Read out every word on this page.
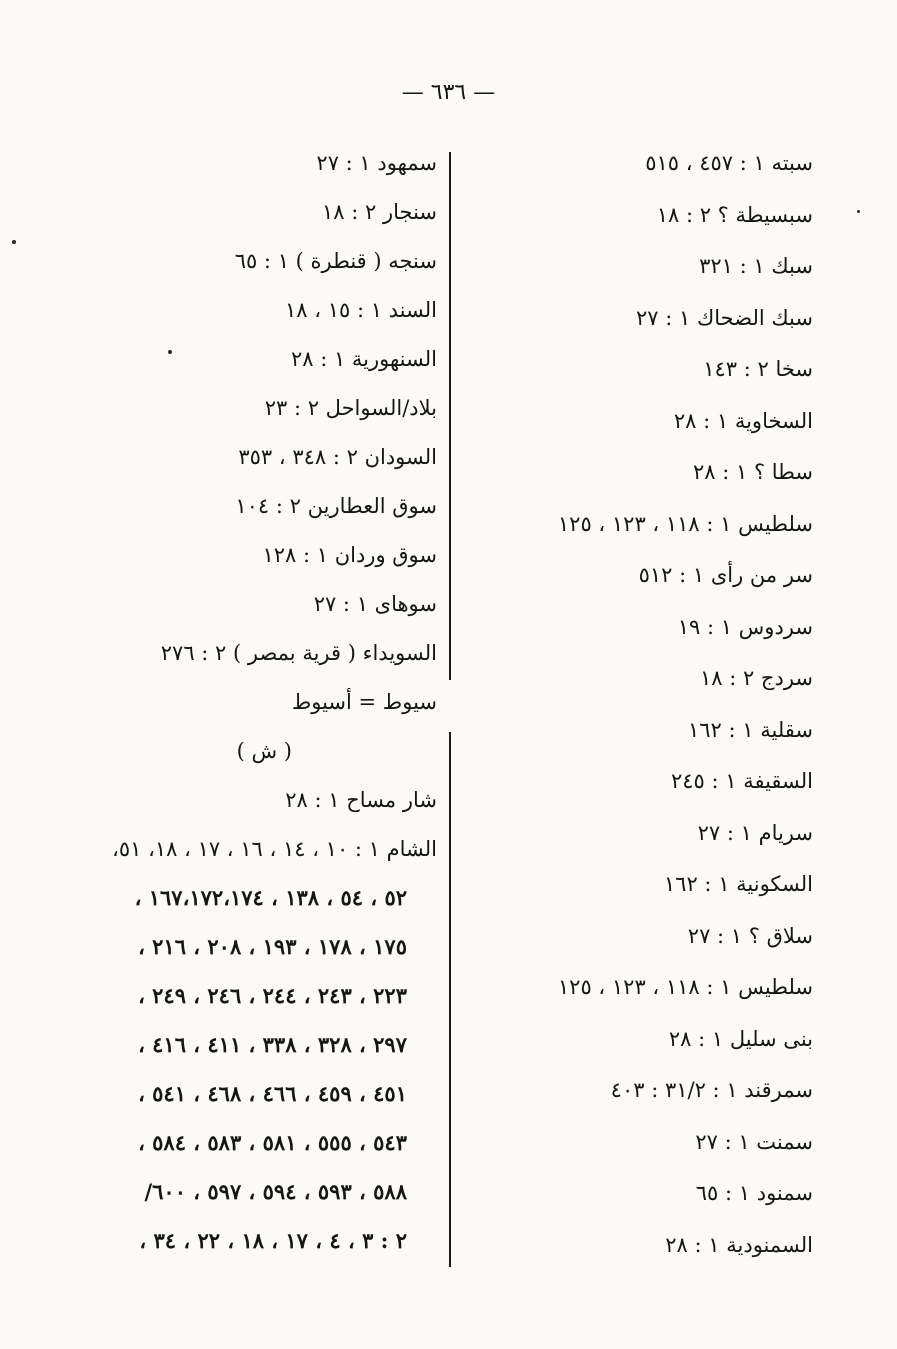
— ٦٣٦ —

سبته ١ : ٤٥٧ ، ٥١٥

سبسيطة ؟ ٢ : ١٨

سبك ١ : ٣٢١

سبك الضحاك ١ : ٢٧

سخا ٢ : ١٤٣

السخاوية ١ : ٢٨

سطا ؟ ١ : ٢٨

سلطيس ١ : ١١٨ ، ١٢٣ ، ١٢٥

سر من رأى ١ : ٥١٢

سردوس ١ : ١٩

سردج ٢ : ١٨

سقلية ١ : ١٦٢

السقيفة ١ : ٢٤٥

سريام ١ : ٢٧

السكونية ١ : ١٦٢

سلاق ؟ ١ : ٢٧

سلطيس ١ : ١١٨ ، ١٢٣ ، ١٢٥

بنى سليل ١ : ٢٨

سمرقند ١ : ٣١/٢ : ٤٠٣

سمنت ١ : ٢٧

سمنود ١ : ٦٥

السمنودية ١ : ٢٨

سمهود ١ : ٢٧

سنجار ٢ : ١٨

سنجه ( قنطرة ) ١ : ٦٥

السند ١ : ١٥ ، ١٨

السنهورية ١ : ٢٨

بلاد/السواحل ٢ : ٢٣

السودان ٢ : ٣٤٨ ، ٣٥٣

سوق العطارين ٢ : ١٠٤

سوق وردان ١ : ١٢٨

سوهاى ١ : ٢٧

السويداء ( قرية بمصر ) ٢ : ٢٧٦

سيوط = أسيوط

( ش )

شار مساح ١ : ٢٨

الشام ١ : ١٠ ، ١٤ ، ١٦ ، ١٧ ، ١٨، ٥١،

٥٢ ، ٥٤ ، ١٣٨ ، ١٦٧،١٧٢،١٧٤ ،

١٧٥ ، ١٧٨ ، ١٩٣ ، ٢٠٨ ، ٢١٦ ،

٢٢٣ ، ٢٤٣ ، ٢٤٤ ، ٢٤٦ ، ٢٤٩ ،

٢٩٧ ، ٣٢٨ ، ٣٣٨ ، ٤١١ ، ٤١٦ ،

٤٥١ ، ٤٥٩ ، ٤٦٦ ، ٤٦٨ ، ٥٤١ ،

٥٤٣ ، ٥٥٥ ، ٥٨١ ، ٥٨٣ ، ٥٨٤ ،

٥٨٨ ، ٥٩٣ ، ٥٩٤ ، ٥٩٧ ، ٦٠٠/

٢ : ٣ ، ٤ ، ١٧ ، ١٨ ، ٢٢ ، ٣٤ ،
